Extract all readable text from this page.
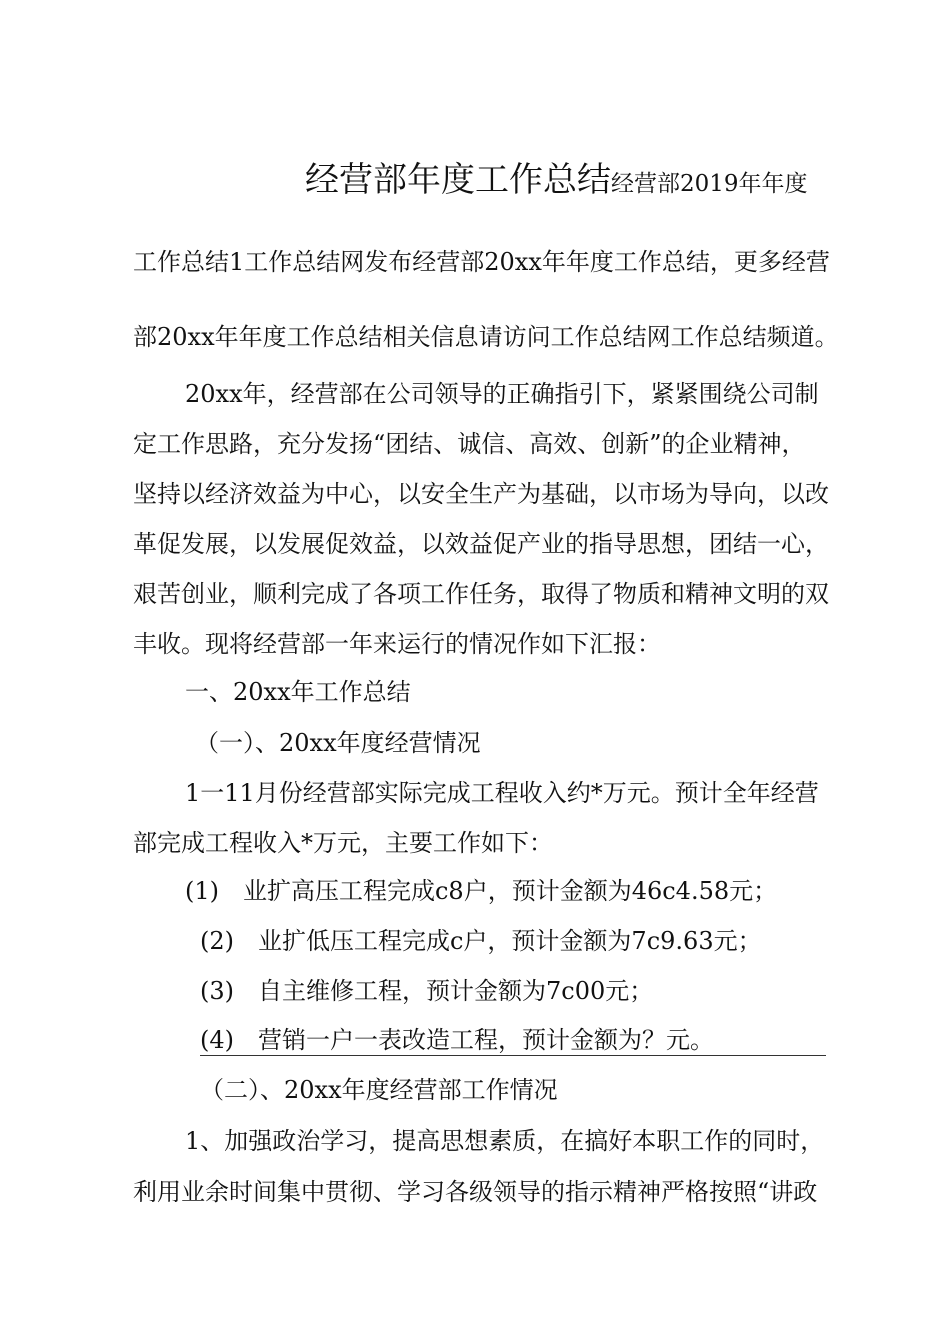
经营部年度工作总结经营部2019年年度
工作总结1工作总结网发布经营部20xx年年度工作总结，更多经营
部20xx年年度工作总结相关信息请访问工作总结网工作总结频道。
20xx年，经营部在公司领导的正确指引下，紧紧围绕公司制
定工作思路，充分发扬“团结、诚信、高效、创新”的企业精神，
坚持以经济效益为中心，以安全生产为基础，以市场为导向，以改
革促发展，以发展促效益，以效益促产业的指导思想，团结一心，
艰苦创业，顺利完成了各项工作任务，取得了物质和精神文明的双
丰收。现将经营部一年来运行的情况作如下汇报：
一、20xx年工作总结
（一）、20xx年度经营情况
1一11月份经营部实际完成工程收入约*万元。预计全年经营
部完成工程收入*万元，主要工作如下：
(1)　业扩高压工程完成c8户，预计金额为46c4.58元；
(2)　业扩低压工程完成c户，预计金额为7c9.63元；
(3)　自主维修工程，预计金额为7c00元；
(4)　营销一户一表改造工程，预计金额为？元。
（二）、20xx年度经营部工作情况
1、加强政治学习，提高思想素质，在搞好本职工作的同时，
利用业余时间集中贯彻、学习各级领导的指示精神严格按照“讲政
